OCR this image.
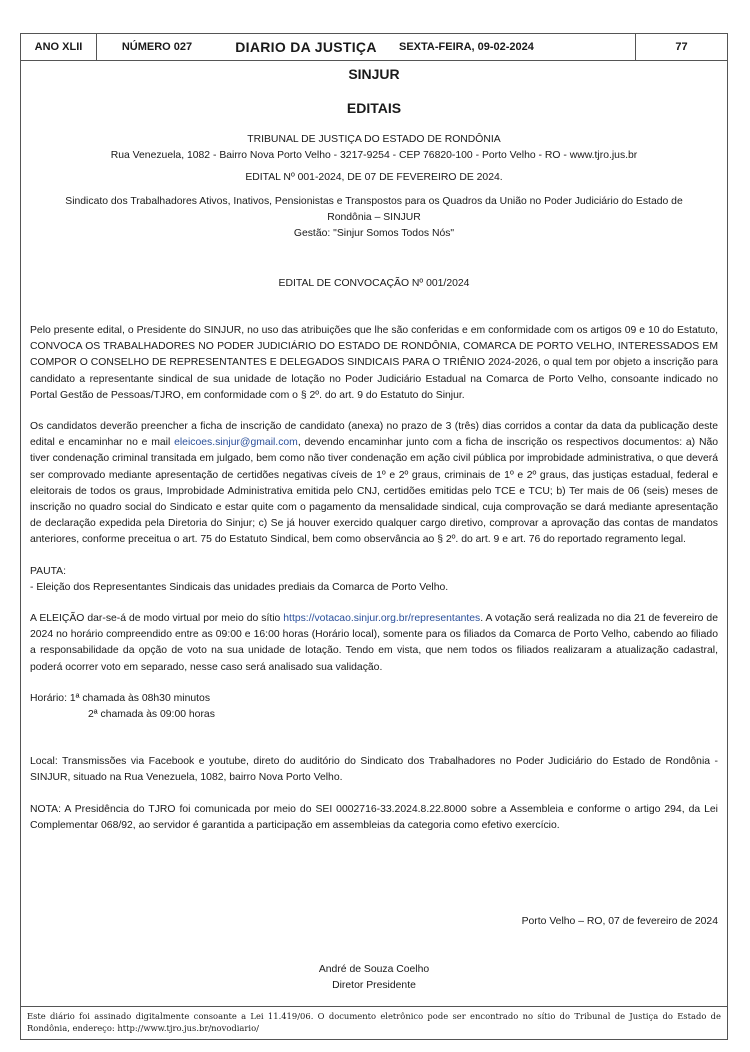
ANO XLII	NÚMERO 027	DIARIO DA JUSTIÇA	SEXTA-FEIRA, 09-02-2024	77
SINJUR
EDITAIS

TRIBUNAL DE JUSTIÇA DO ESTADO DE RONDÔNIA

Rua Venezuela, 1082 - Bairro Nova Porto Velho - 3217-9254 - CEP 76820-100 - Porto Velho - RO - www.tjro.jus.br

EDITAL Nº 001-2024, DE 07 DE FEVEREIRO DE 2024.

Sindicato dos Trabalhadores Ativos, Inativos, Pensionistas e Transpostos para os Quadros da União no Poder Judiciário do Estado de

Rondônia – SINJUR

Gestão: "Sinjur Somos Todos Nós"

EDITAL DE CONVOCAÇÃO Nº 001/2024

Pelo presente edital, o Presidente do SINJUR, no uso das atribuições que lhe são conferidas e em conformidade com os artigos 09 e 10 do Estatuto, CONVOCA OS TRABALHADORES NO PODER JUDICIÁRIO DO ESTADO DE RONDÔNIA, COMARCA DE PORTO VELHO, INTERESSADOS EM COMPOR O CONSELHO DE REPRESENTANTES E DELEGADOS SINDICAIS PARA O TRIÊNIO 2024-2026, o qual tem por objeto a inscrição para candidato a representante sindical de sua unidade de lotação no Poder Judiciário Estadual na Comarca de Porto Velho, consoante indicado no Portal Gestão de Pessoas/TJRO, em conformidade com o § 2º. do art. 9 do Estatuto do Sinjur.

Os candidatos deverão preencher a ficha de inscrição de candidato (anexa) no prazo de 3 (três) dias corridos a contar da data da publicação deste edital e encaminhar no e mail eleicoes.sinjur@gmail.com, devendo encaminhar junto com a ficha de inscrição os respectivos documentos: a) Não tiver condenação criminal transitada em julgado, bem como não tiver condenação em ação civil pública por improbidade administrativa, o que deverá ser comprovado mediante apresentação de certidões negativas cíveis de 1º e 2º graus, criminais de 1º e 2º graus, das justiças estadual, federal e eleitorais de todos os graus, Improbidade Administrativa emitida pelo CNJ, certidões emitidas pelo TCE e TCU; b) Ter mais de 06 (seis) meses de inscrição no quadro social do Sindicato e estar quite com o pagamento da mensalidade sindical, cuja comprovação se dará mediante apresentação de declaração expedida pela Diretoria do Sinjur; c) Se já houver exercido qualquer cargo diretivo, comprovar a aprovação das contas de mandatos anteriores, conforme preceitua o art. 75 do Estatuto Sindical, bem como observância ao § 2º. do art. 9 e art. 76 do reportado regramento legal.

PAUTA:

- Eleição dos Representantes Sindicais das unidades prediais da Comarca de Porto Velho.

A ELEIÇÃO dar-se-á de modo virtual por meio do sítio https://votacao.sinjur.org.br/representantes. A votação será realizada no dia 21 de fevereiro de 2024 no horário compreendido entre as 09:00 e 16:00 horas (Horário local), somente para os filiados da Comarca de Porto Velho, cabendo ao filiado a responsabilidade da opção de voto na sua unidade de lotação. Tendo em vista, que nem todos os filiados realizaram a atualização cadastral, poderá ocorrer voto em separado, nesse caso será analisado sua validação.

Horário: 1ª chamada às 08h30 minutos

2ª chamada às 09:00 horas

Local: Transmissões via Facebook e youtube, direto do auditório do Sindicato dos Trabalhadores no Poder Judiciário do Estado de Rondônia - SINJUR, situado na Rua Venezuela, 1082, bairro Nova Porto Velho.

NOTA: A Presidência do TJRO foi comunicada por meio do SEI 0002716-33.2024.8.22.8000 sobre a Assembleia e conforme o artigo 294, da Lei Complementar 068/92, ao servidor é garantida a participação em assembleias da categoria como efetivo exercício.

Porto Velho – RO, 07 de fevereiro de 2024

André de Souza Coelho

Diretor Presidente

Este diário foi assinado digitalmente consoante a Lei 11.419/06. O documento eletrônico pode ser encontrado no sítio do Tribunal de Justiça do Estado de Rondônia, endereço: http://www.tjro.jus.br/novodiario/
